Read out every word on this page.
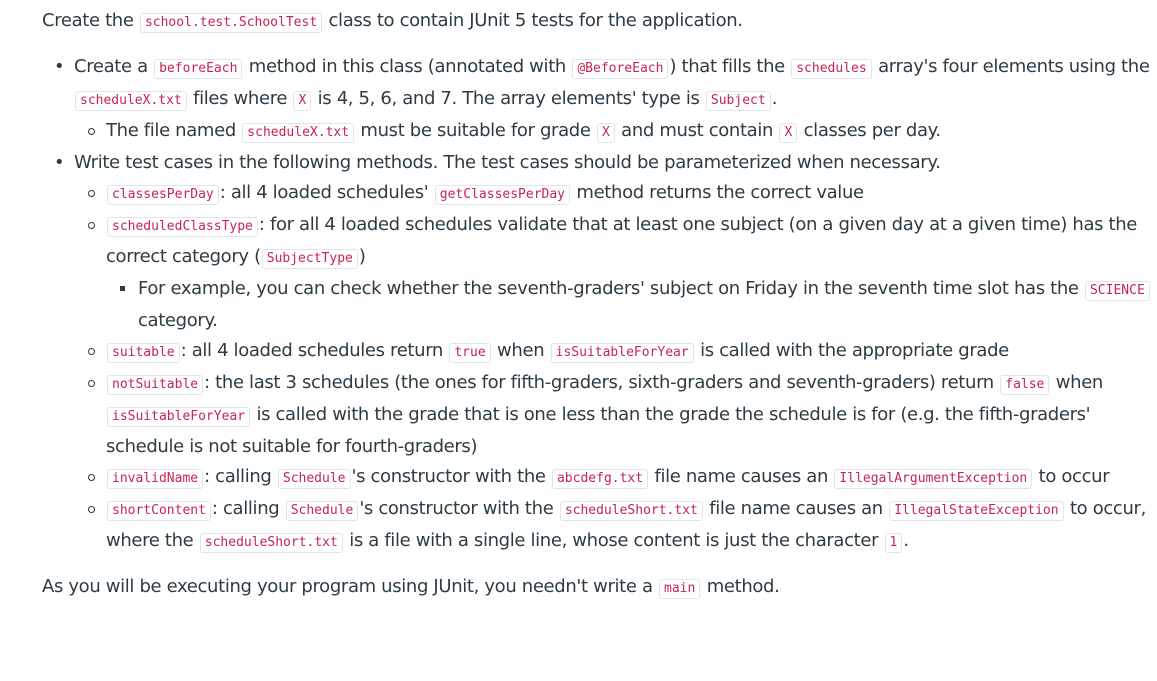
Create the school.test.SchoolTest class to contain JUnit 5 tests for the application.

•
Create a beforeEach method in this class (annotated with @BeforeEach ) that fills the schedules array's four elements using the scheduleX.txt files where X is 4, 5, 6, and 7. The array elements' type is Subject .
The file named scheduleX.txt must be suitable for grade X and must contain X classes per day.
•
Write test cases in the following methods. The test cases should be parameterized when necessary.
classesPerDay : all 4 loaded schedules' getClassesPerDay method returns the correct value
scheduledClassType : for all 4 loaded schedules validate that at least one subject (on a given day at a given time) has the correct category ( SubjectType )
For example, you can check whether the seventh-graders' subject on Friday in the seventh time slot has the SCIENCE category.
suitable : all 4 loaded schedules return true when isSuitableForYear is called with the appropriate grade
notSuitable : the last 3 schedules (the ones for fifth-graders, sixth-graders and seventh-graders) return false when isSuitableForYear is called with the grade that is one less than the grade the schedule is for (e.g. the fifth-graders' schedule is not suitable for fourth-graders)
invalidName : calling Schedule 's constructor with the abcdefg.txt file name causes an IllegalArgumentException to occur
shortContent : calling Schedule 's constructor with the scheduleShort.txt file name causes an IllegalStateException to occur, where the scheduleShort.txt is a file with a single line, whose content is just the character 1 .

As you will be executing your program using JUnit, you needn't write a main method.
